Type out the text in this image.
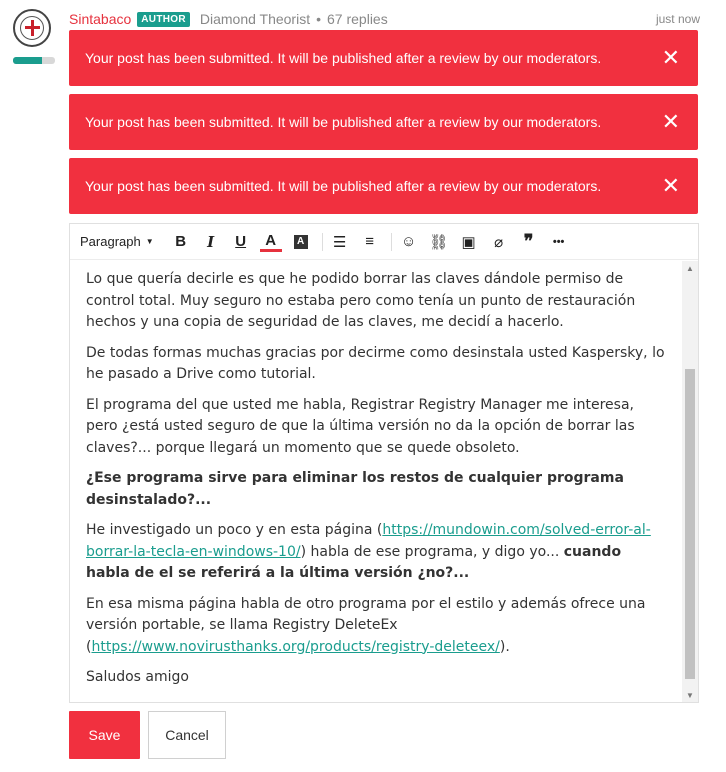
Sintabaco	AUTHOR Diamond Theorist • 67 replies	just now
Your post has been submitted. It will be published after a review by our moderators.	✕
Your post has been submitted. It will be published after a review by our moderators.	✕
Your post has been submitted. It will be published after a review by our moderators.	✕
Paragraph ▼	B	I	U	A	A ☰	≡	☺ ⛓ ▣	⌀	❞	•••

Lo que quería decirle es que he podido borrar las claves dándole permiso de control total. Muy seguro no estaba pero como tenía un punto de restauración hechos y una copia de seguridad de las claves, me decidí a hacerlo.

De todas formas muchas gracias por decirme como desinstala usted Kaspersky, lo he pasado a Drive como tutorial.

El programa del que usted me habla, Registrar Registry Manager me interesa, pero ¿está usted seguro de que la última versión no da la opción de borrar las claves?... porque llegará un momento que se quede obsoleto.

¿Ese programa sirve para eliminar los restos de cualquier programa desinstalado?...

He investigado un poco y en esta página (https://mundowin.com/solved-error-al-borrar-la-tecla-en-windows-10/) habla de ese programa, y digo yo... cuando habla de el se referirá a la última versión ¿no?...

En esa misma página habla de otro programa por el estilo y además ofrece una versión portable, se llama Registry DeleteEx (https://www.novirusthanks.org/products/registry-deleteex/).

Saludos amigo

▲
▼
Save	Cancel
